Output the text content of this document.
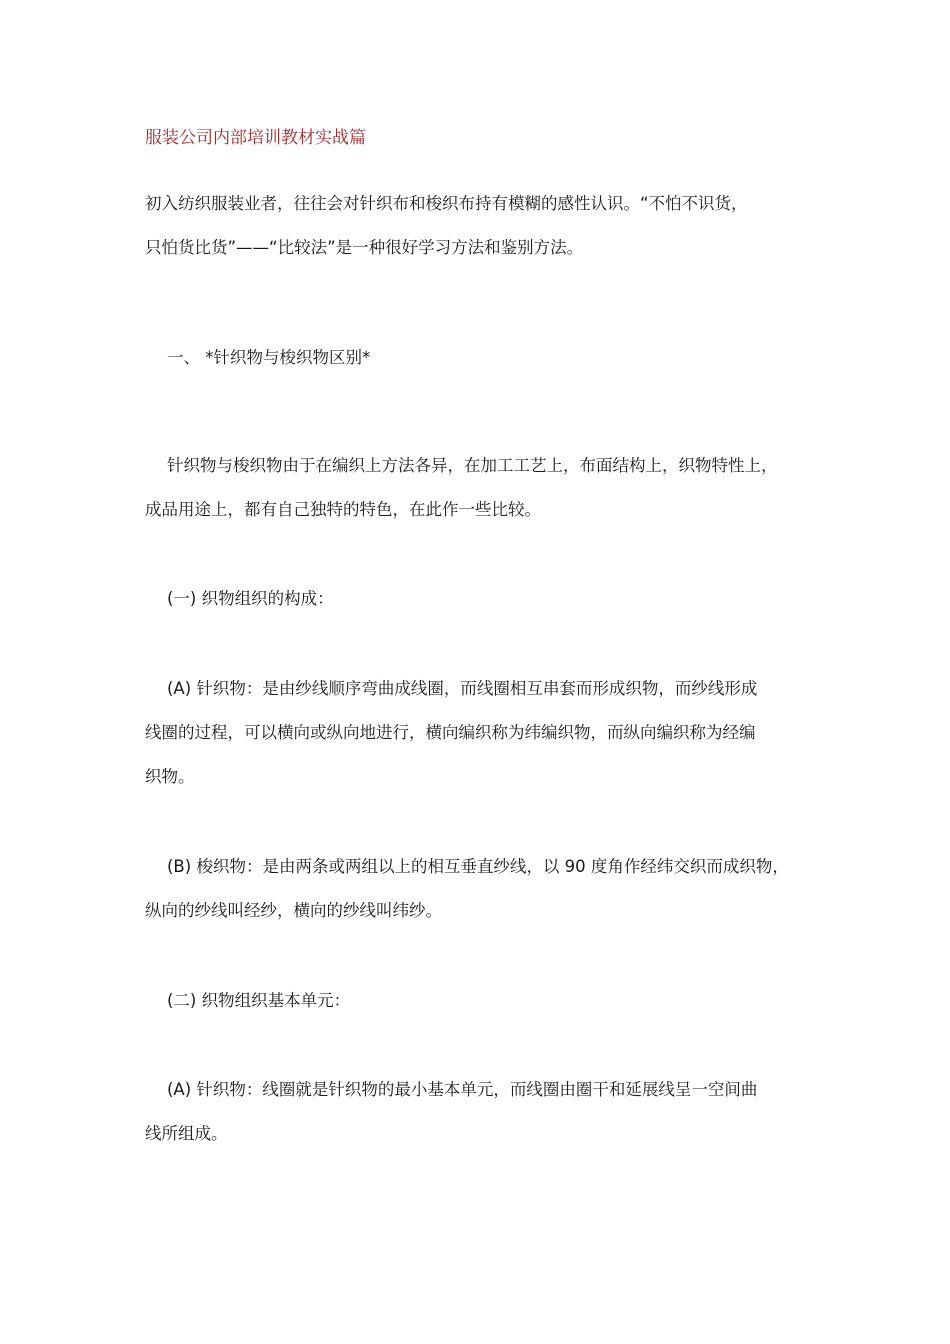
服装公司内部培训教材实战篇
初入纺织服装业者，往往会对针织布和梭织布持有模糊的感性认识。“不怕不识货，
只怕货比货”——“比较法”是一种很好学习方法和鉴别方法。
一、 *针织物与梭织物区别*
针织物与梭织物由于在编织上方法各异，在加工工艺上，布面结构上，织物特性上，
成品用途上，都有自己独特的特色，在此作一些比较。
(一) 织物组织的构成：
(A) 针织物：是由纱线顺序弯曲成线圈，而线圈相互串套而形成织物，而纱线形成
线圈的过程，可以横向或纵向地进行，横向编织称为纬编织物，而纵向编织称为经编
织物。
(B) 梭织物：是由两条或两组以上的相互垂直纱线，以 90 度角作经纬交织而成织物，
纵向的纱线叫经纱，横向的纱线叫纬纱。
(二) 织物组织基本单元：
(A) 针织物：线圈就是针织物的最小基本单元，而线圈由圈干和延展线呈一空间曲
线所组成。
